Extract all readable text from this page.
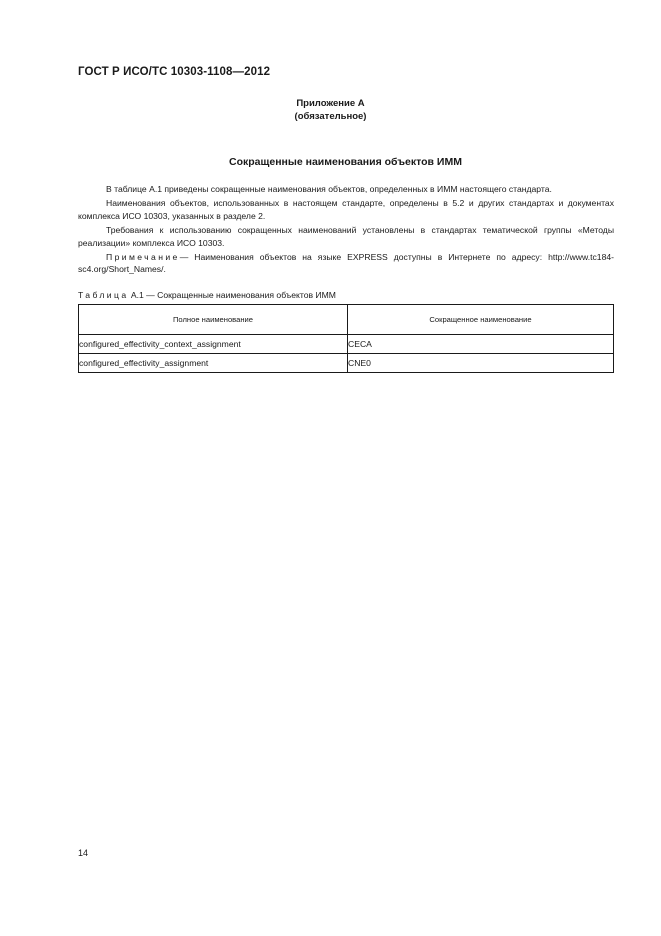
ГОСТ Р ИСО/ТС 10303-1108—2012
Приложение А
(обязательное)
Сокращенные наименования объектов ИММ

В таблице А.1 приведены сокращенные наименования объектов, определенных в ИММ настоящего стандарта.

Наименования объектов, использованных в настоящем стандарте, определены в 5.2 и других стандартах и документах комплекса ИСО 10303, указанных в разделе 2.

Требования к использованию сокращенных наименований установлены в стандартах тематической группы «Методы реализации» комплекса ИСО 10303.

Примечание— Наименования объектов на языке EXPRESS доступны в Интернете по адресу: http://www.tc184-sc4.org/Short_Names/.

Таблица А.1 — Сокращенные наименования объектов ИММ
Полное наименование	Сокращенное наименование
configured_effectivity_context_assignment	CECA
configured_effectivity_assignment	CNE0
14
